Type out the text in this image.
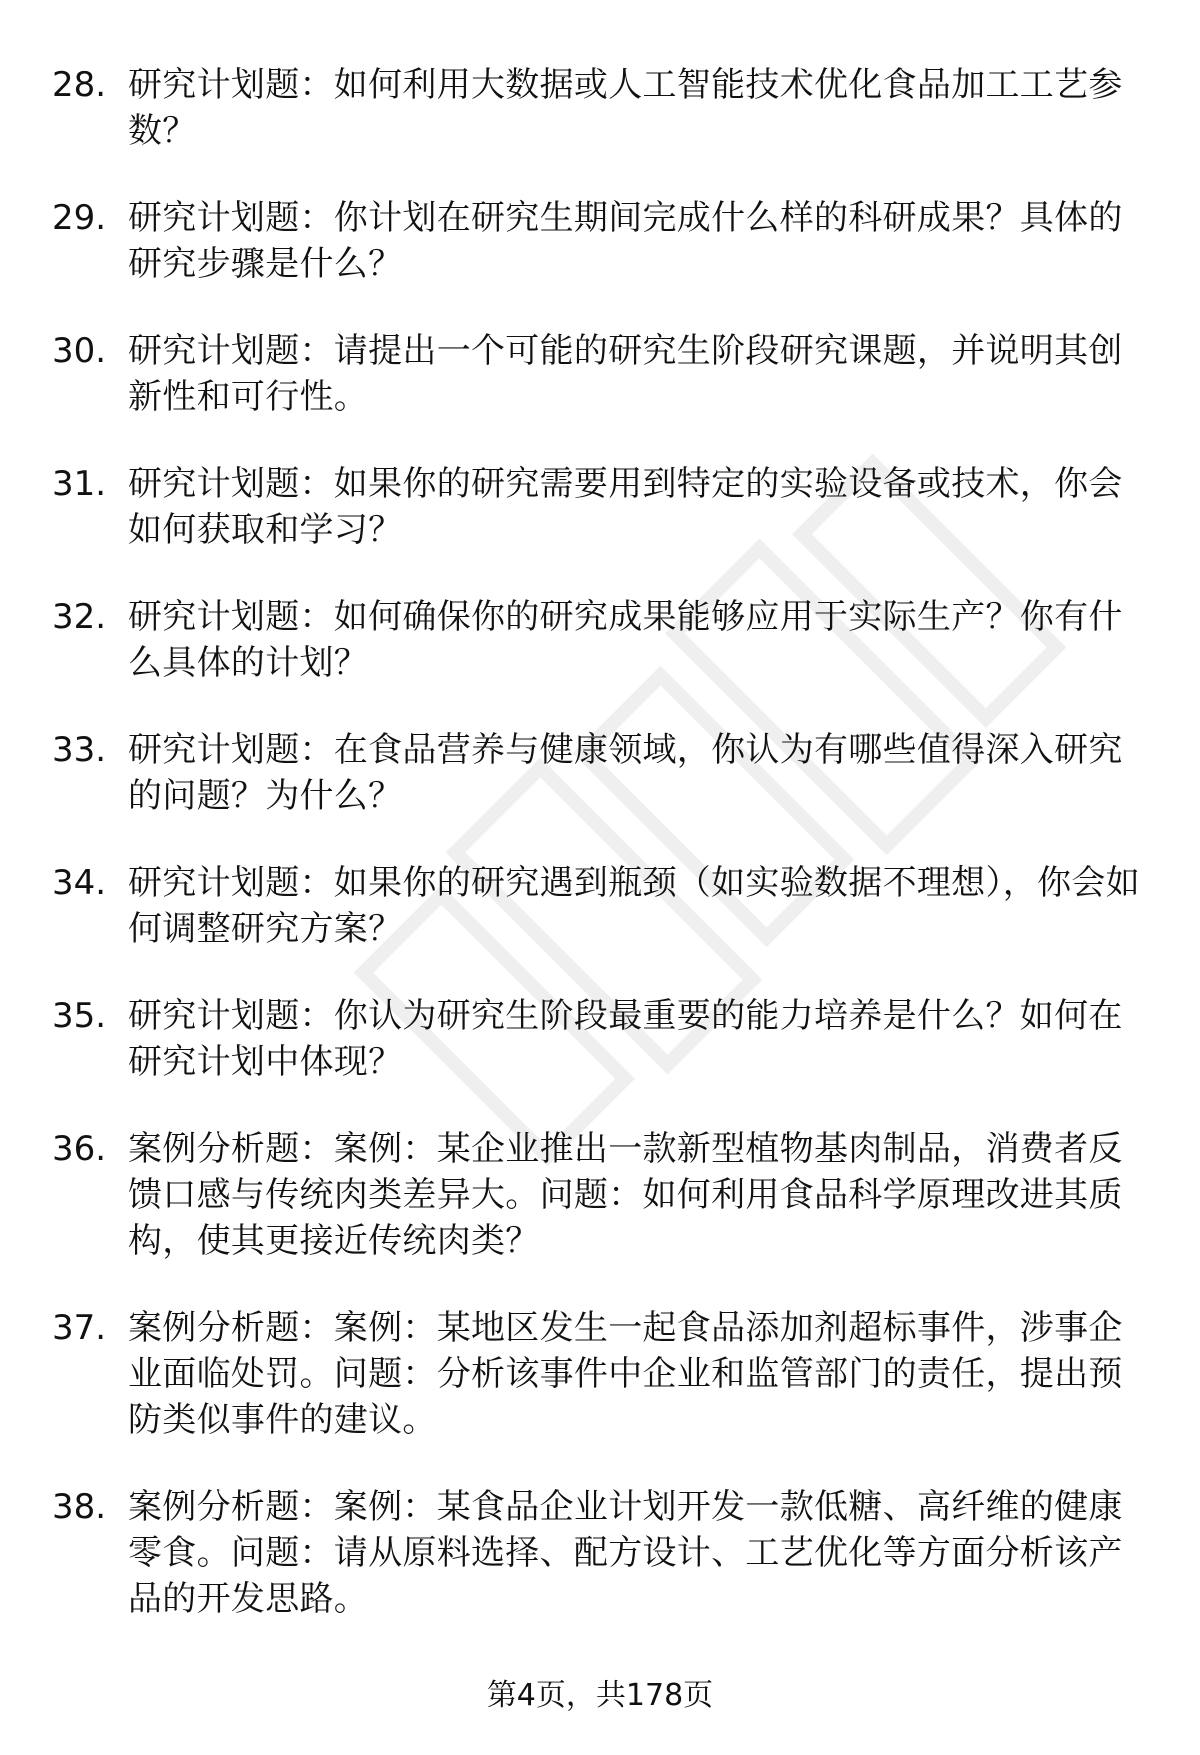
28. 研究计划题：如何利用大数据或人工智能技术优化食品加工工艺参数？
29. 研究计划题：你计划在研究生期间完成什么样的科研成果？具体的研究步骤是什么？
30. 研究计划题：请提出一个可能的研究生阶段研究课题，并说明其创新性和可行性。
31. 研究计划题：如果你的研究需要用到特定的实验设备或技术，你会如何获取和学习？
32. 研究计划题：如何确保你的研究成果能够应用于实际生产？你有什么具体的计划？
33. 研究计划题：在食品营养与健康领域，你认为有哪些值得深入研究的问题？为什么？
34. 研究计划题：如果你的研究遇到瓶颈（如实验数据不理想），你会如何调整研究方案？
35. 研究计划题：你认为研究生阶段最重要的能力培养是什么？如何在研究计划中体现？
36. 案例分析题：案例：某企业推出一款新型植物基肉制品，消费者反馈口感与传统肉类差异大。问题：如何利用食品科学原理改进其质构，使其更接近传统肉类？
37. 案例分析题：案例：某地区发生一起食品添加剂超标事件，涉事企业面临处罚。问题：分析该事件中企业和监管部门的责任，提出预防类似事件的建议。
38. 案例分析题：案例：某食品企业计划开发一款低糖、高纤维的健康零食。问题：请从原料选择、配方设计、工艺优化等方面分析该产品的开发思路。
第4页，共178页
